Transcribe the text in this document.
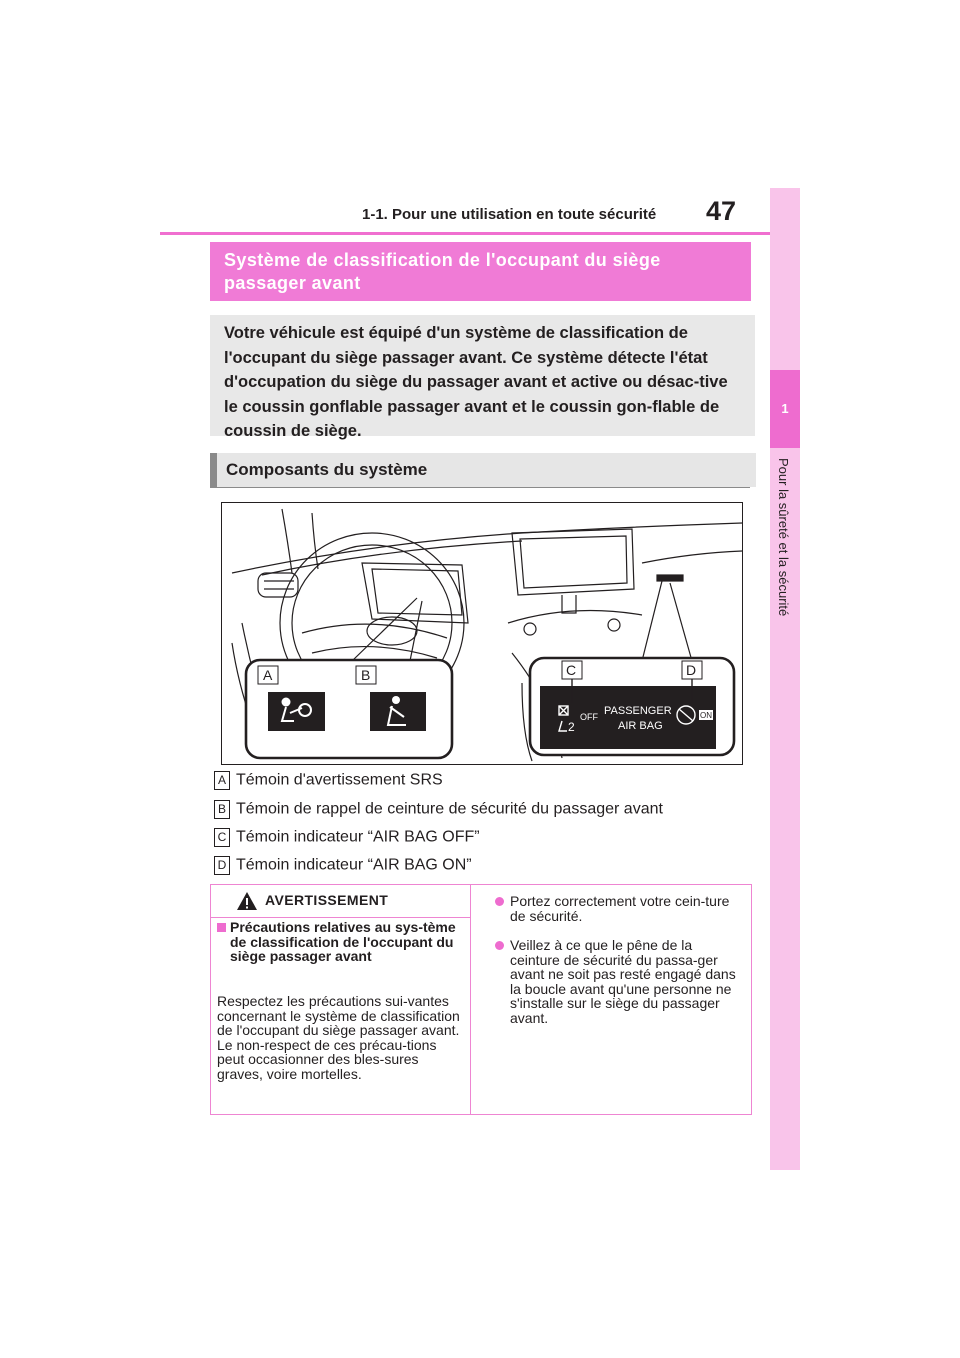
1-1. Pour une utilisation en toute sécurité 47
1
Pour la sûreté et la sécurité
Système de classification de l'occupant du siège passager avant
Votre véhicule est équipé d'un système de classification de l'occupant du siège passager avant. Ce système détecte l'état d'occupation du siège du passager avant et active ou désac-tive le coussin gonflable passager avant et le coussin gon-flable de coussin de siège.
Composants du système
A	B	C	D
2
OFF PASSENGER
AIR BAG
ON
A Témoin d'avertissement SRS
B Témoin de rappel de ceinture de sécurité du passager avant
C Témoin indicateur “AIR BAG OFF”
D Témoin indicateur “AIR BAG ON”
AVERTISSEMENT
Précautions relatives au sys-tème de classification de l'occupant du siège passager avant
Respectez les précautions sui-vantes concernant le système de classification de l'occupant du siège passager avant. Le non-respect de ces précau-tions peut occasionner des bles-sures graves, voire mortelles.
Portez correctement votre cein-ture de sécurité.
Veillez à ce que le pêne de la ceinture de sécurité du passa-ger avant ne soit pas resté engagé dans la boucle avant qu'une personne ne s'installe sur le siège du passager avant.
